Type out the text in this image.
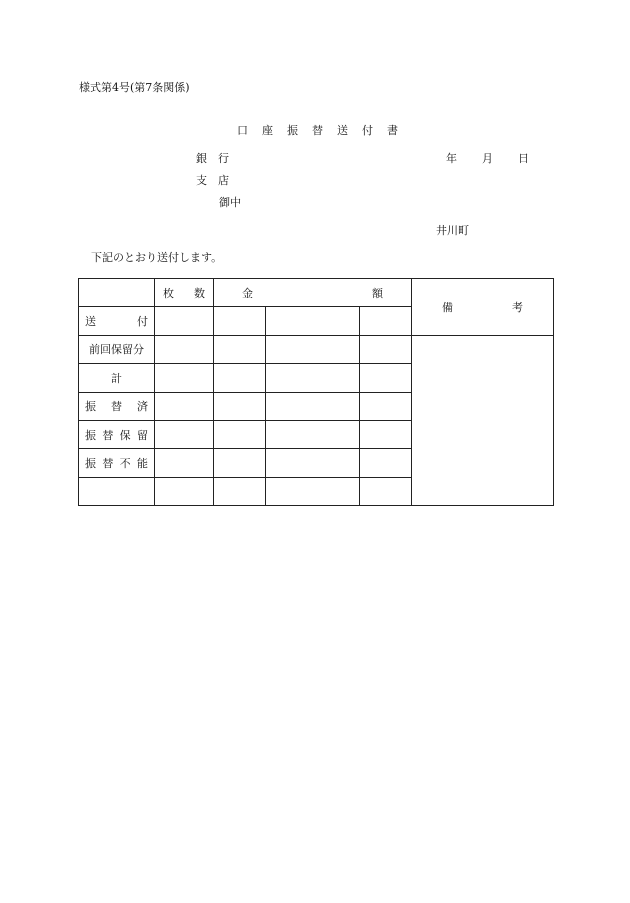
様式第4号(第7条関係)
口 座 振 替 送 付 書
銀　行
支　店
御中
年 月 日
井川町
下記のとおり送付します。

	枚 数	金 額			備 考

送 付					

前回保留分					

計					

振 替 済					

振 替 保 留					

振 替 不 能					
